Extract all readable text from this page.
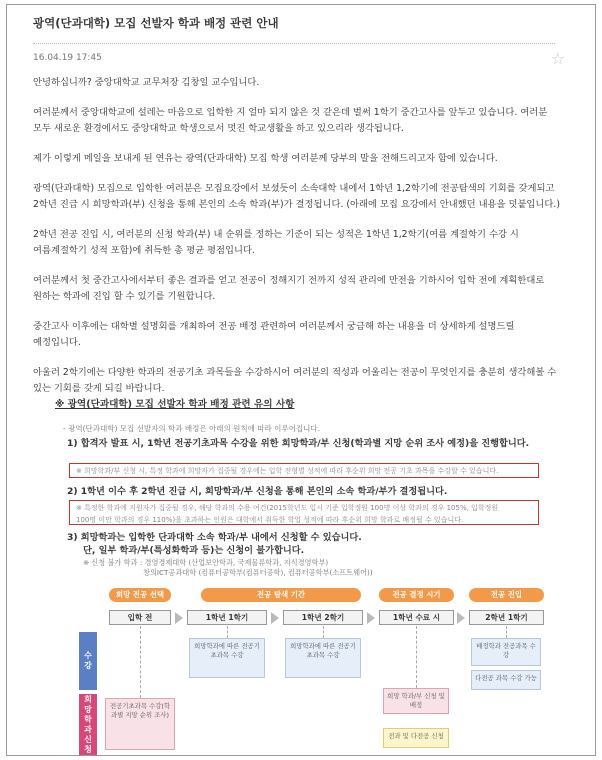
광역(단과대학) 모집 선발자 학과 배정 관련 안내
16.04.19 17:45	☆

안녕하십니까? 중앙대학교 교무처장 김창일 교수입니다.

여러분께서 중앙대학교에 설레는 마음으로 입학한 지 얼마 되지 않은 것 같은데 벌써 1학기 중간고사를 앞두고 있습니다. 여러분 모두 새로운 환경에서도 중앙대학교 학생으로서 멋진 학교생활을 하고 있으리라 생각됩니다.

제가 이렇게 메일을 보내게 된 연유는 광역(단과대학) 모집 학생 여러분께 당부의 말을 전해드리고자 함에 있습니다.

광역(단과대학) 모집으로 입학한 여러분은 모집요강에서 보셨듯이 소속대학 내에서 1학년 1,2학기에 전공탐색의 기회를 갖게되고 2학년 진급 시 희망학과(부) 신청을 통해 본인의 소속 학과(부)가 결정됩니다. (아래에 모집 요강에서 안내했던 내용을 덧붙입니다.)

2학년 전공 진입 시, 여러분의 신청 학과(부) 내 순위를 정하는 기준이 되는 성적은 1학년 1,2학기(여름 계절학기 수강 시 여름계절학기 성적 포함)에 취득한 총 평균 평점입니다.

여러분께서 첫 중간고사에서부터 좋은 결과를 얻고 전공이 정해지기 전까지 성적 관리에 만전을 기하시어 입학 전에 계획한대로 원하는 학과에 진입 할 수 있기를 기원합니다.

중간고사 이후에는 대학별 설명회를 개최하여 전공 배정 관련하여 여러분께서 궁금해 하는 내용을 더 상세하게 설명드릴 예정입니다.

아울러 2학기에는 다양한 학과의 전공기초 과목들을 수강하시어 여러분의 적성과 어울리는 전공이 무엇인지를 충분히 생각해볼 수 있는 기회를 갖게 되길 바랍니다.

※ 광역(단과대학) 모집 선발자 학과 배정 관련 유의 사항
- 광역(단과대학) 모집 선발자의 학과 배정은 아래의 원칙에 따라 이루어집니다.
1) 합격자 발표 시, 1학년 전공기초과목 수강을 위한 희망학과/부 신청(학과별 지망 순위 조사 예정)을 진행합니다.
※ 희망학과/부 신청 시, 특정 학과에 희망자가 집중될 경우에는 입학 전형별 성적에 따라 후순위 희망 전공 기초 과목을 수강할 수 있습니다.
2) 1학년 이수 후 2학년 진급 시, 희망학과/부 신청을 통해 본인의 소속 학과/부가 결정됩니다.
※ 특정한 학과에 지원자가 집중될 경우, 해당 학과의 수용 여건(2015학년도 입시 기준 입학정원 100명 이상 학과의 경우 105%, 입학정원
100명 미만 학과의 경우 110%)을 초과하는 인원은 대학에서 취득한 학업 성적에 따라 후순위 희망 학과로 배정될 수 있습니다.
3) 희망학과는 입학한 단과대학 소속 학과/부 내에서 신청할 수 있습니다.
단, 일부 학과/부(특성화학과 등)는 신청이 불가합니다.
※ 신청 불가 학과 : 경영경제대학 (산업보안학과, 국제물류학과, 지식경영학부)
창의ICT공과대학 (컴퓨터공학부(컴퓨터공학), 컴퓨터공학부(소프트웨어))
희망 전공 선택	전공 탐색 기간	전공 결정 시기	전공 진입
입학 전	1학년 1학기	1학년 2학기	1학년 수료 시	2학년 1학기
수강
희망학과신청
희망학과에 따른 전공기초과목 수강
희망학과에 따른 전공기초과목 수강
배정학과 전공과목 수강
다전공 과목 수강 가능
전공기초과목 수강(학과별 지망 순위 조사)
희망 학과/부 신청 및 배정
전과 및 다전공 신청
